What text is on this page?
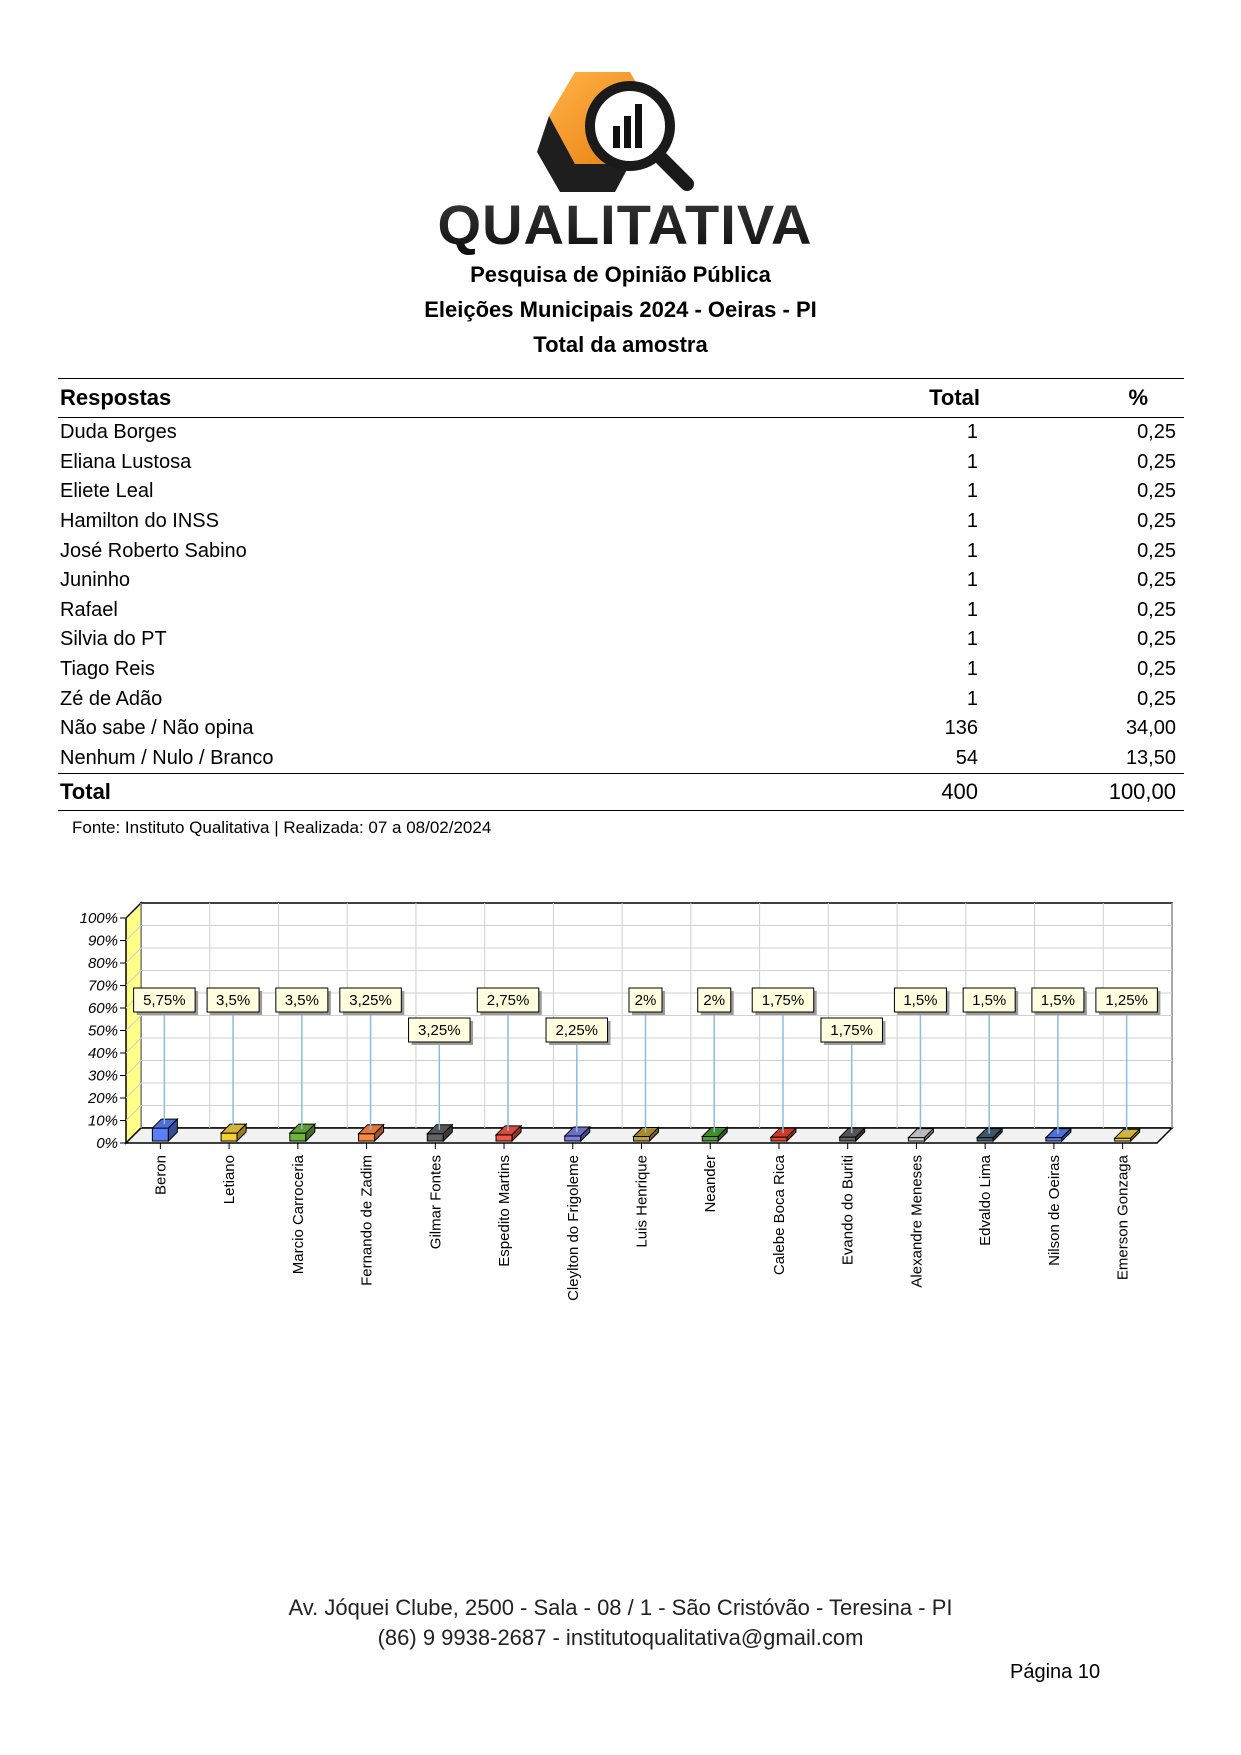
QUALITATIVA
Pesquisa de Opinião Pública
Eleições Municipais 2024 - Oeiras - PI
Total da amostra
Respostas	Total	%
Duda Borges	1	0,25
Eliana Lustosa	1	0,25
Eliete Leal	1	0,25
Hamilton do INSS	1	0,25
José Roberto Sabino	1	0,25
Juninho	1	0,25
Rafael	1	0,25
Silvia do PT	1	0,25
Tiago Reis	1	0,25
Zé de Adão	1	0,25
Não sabe / Não opina	136	34,00
Nenhum / Nulo / Branco	54	13,50
Total	400	100,00
Fonte: Instituto Qualitativa | Realizada: 07 a 08/02/2024
100%
90%
80%
70%
60%
50%
40%
30%
20%
10%
0%
5,75%
Beron
3,5%
Letiano
3,5%
Marcio Carroceria
3,25%
Fernando de Zadim
3,25%
Gilmar Fontes
2,75%
Espedito Martins
2,25%
Cleylton do Frigoleme
2%
Luis Henrique
2%
Neander
1,75%
Calebe Boca Rica
1,75%
Evando do Buriti
1,5%
Alexandre Meneses
1,5%
Edvaldo Lima
1,5%
Nilson de Oeiras
1,25%
Emerson Gonzaga
Av. Jóquei Clube, 2500 - Sala - 08 / 1 - São Cristóvão - Teresina - PI
(86) 9 9938-2687 - institutoqualitativa@gmail.com
Página 10
